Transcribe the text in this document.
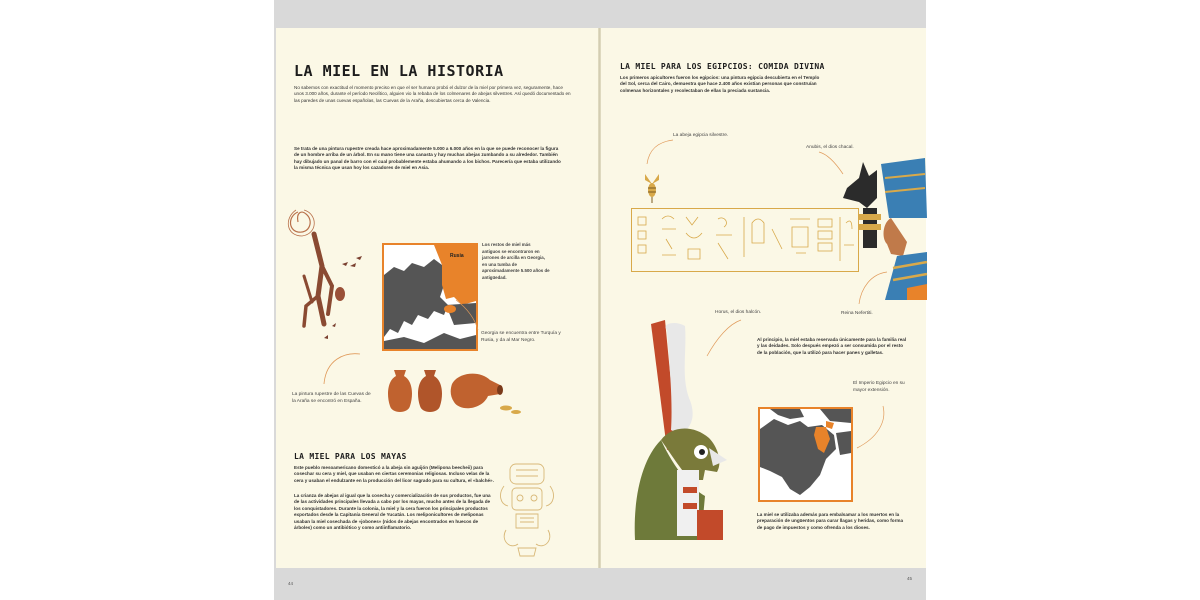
LA MIEL EN LA HISTORIA
No sabemos con exactitud el momento preciso en que el ser humano probó el dulzor de la miel por primera vez, seguramente, hace unos 3.000 años, durante el período Neolítico, alguien vio la rebaba de los colmenares de abejas silvestres. Así quedó documentado en las paredes de unas cuevas españolas, las Cuevas de la Araña, descubiertas cerca de Valencia.
Se trata de una pintura rupestre creada hace aproximadamente 5.000 a 6.000 años en la que se puede reconocer la figura de un hombre arriba de un árbol. En su mano tiene una canasta y hay muchas abejas zumbando a su alrededor. También hay dibujado un panal de barro con el cual probablemente estaba ahumando a los bichos. Parecería que estaba utilizando la misma técnica que usan hoy los cazadores de miel en Asia.
La pintura rupestre de las Cuevas de la Araña se encontró en España.
Rusia
Los restos de miel más antiguos se encontraron en jarrones de arcilla en Georgia, en una tumba de aproximadamente 5.500 años de antigüedad.
Georgia se encuentra entre Turquía y Rusia, y da al Mar Negro.
LA MIEL PARA LOS MAYAS
Este pueblo mesoamericano domesticó a la abeja sin aguijón (Melipona beecheii) para cosechar su cera y miel, que usaban en ciertas ceremonias religiosas. Incluso velas de la cera y usaban el endulzante en la producción del licor sagrado para su cultura, el «balché».
La crianza de abejas al igual que la cosecha y comercialización de sus productos, fue una de las actividades principales llevada a cabo por los mayas, mucho antes de la llegada de los conquistadores. Durante la colonia, la miel y la cera fueron los principales productos exportados desde la Capitanía General de Yucatán. Los meliponicultores de meliponas usaban la miel cosechada de «jobones» (nidos de abejas encontrados en huecos de árboles) como un antibiótico y como antiinflamatorio.
44
LA MIEL PARA LOS EGIPCIOS: COMIDA DIVINA
Los primeros apicultores fueron los egipcios: una pintura egipcia descubierta en el Templo del Sol, cerca del Cairo, demuestra que hace 2.400 años existían personas que construían colmenas horizontales y recolectaban de ellas la preciada sustancia.
La abeja egipcia silvestre.
Anubis, el dios chacal.
Reina Nefertiti.
Horus, el dios halcón.
Al principio, la miel estaba reservada únicamente para la familia real y las deidades. Solo después empezó a ser consumida por el resto de la población, que la utilizó para hacer panes y galletas.
El Imperio Egipcio en su mayor extensión.
La miel se utilizaba además para embalsamar a los muertos en la preparación de ungüentos para curar llagas y heridas, como forma de pago de impuestos y como ofrenda a los dioses.
45
